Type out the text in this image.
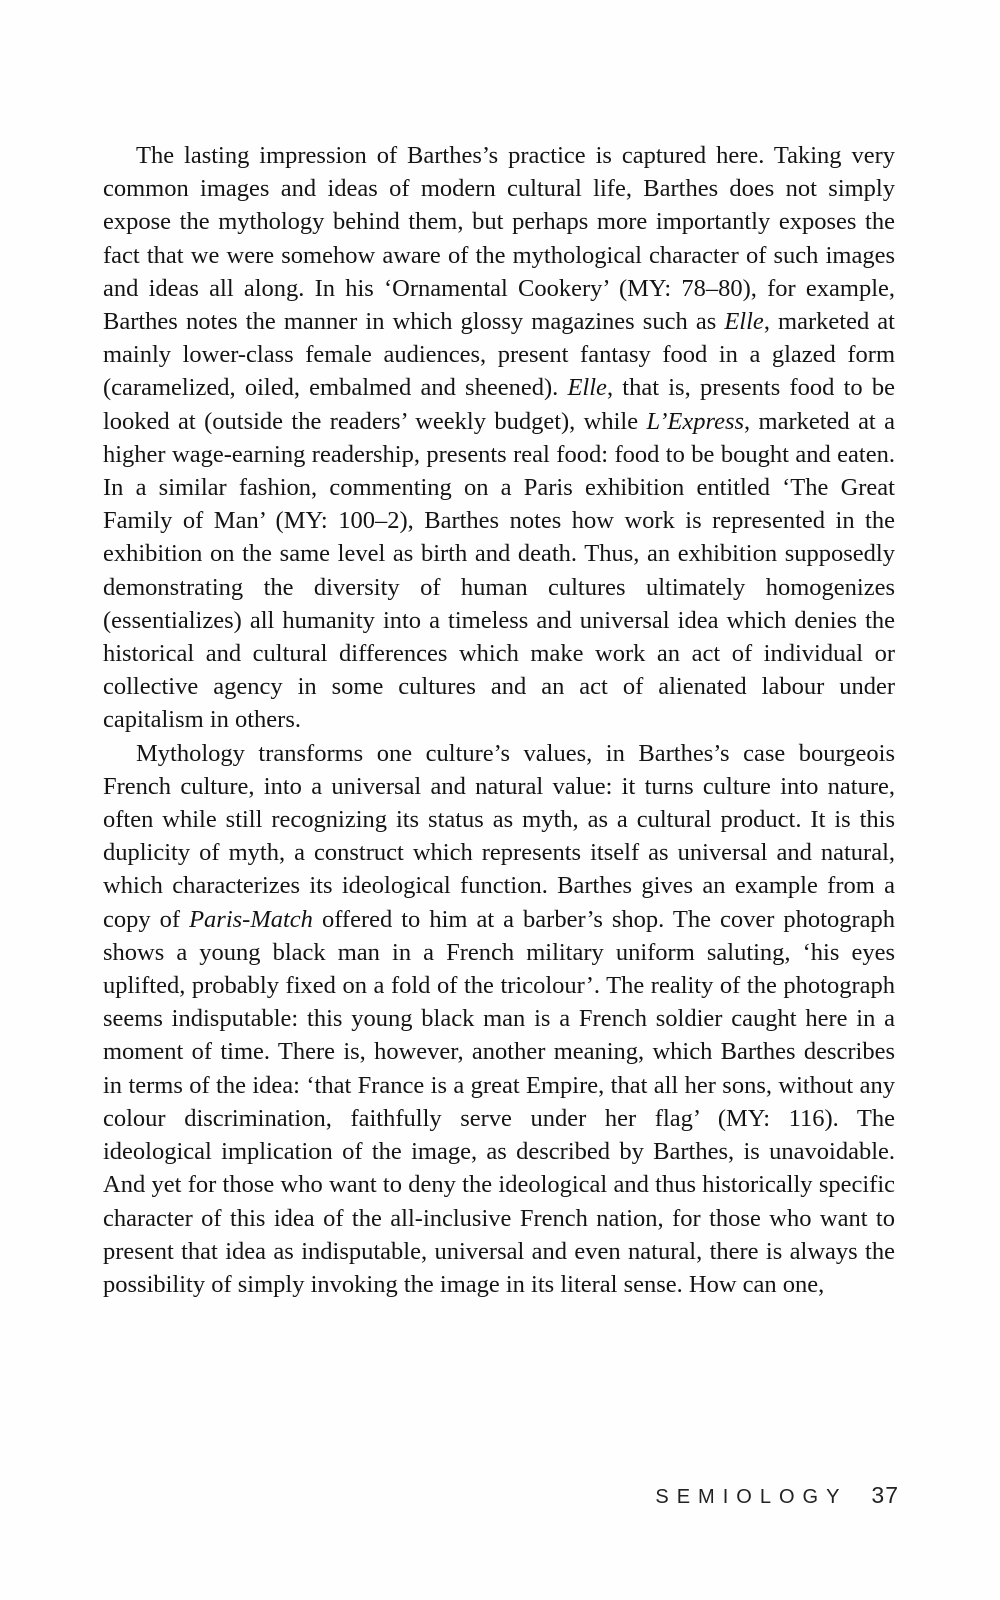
The lasting impression of Barthes’s practice is captured here. Taking very common images and ideas of modern cultural life, Barthes does not simply expose the mythology behind them, but perhaps more importantly exposes the fact that we were somehow aware of the mythological character of such images and ideas all along. In his ‘Ornamental Cookery’ (MY: 78–80), for example, Barthes notes the manner in which glossy magazines such as Elle, marketed at mainly lower-class female audiences, present fantasy food in a glazed form (caramelized, oiled, embalmed and sheened). Elle, that is, presents food to be looked at (outside the readers’ weekly budget), while L’Express, marketed at a higher wage-earning readership, presents real food: food to be bought and eaten. In a similar fashion, commenting on a Paris exhibition entitled ‘The Great Family of Man’ (MY: 100–2), Barthes notes how work is represented in the exhibition on the same level as birth and death. Thus, an exhibition supposedly demonstrating the diversity of human cultures ultimately homogenizes (essentializes) all humanity into a timeless and universal idea which denies the historical and cultural differences which make work an act of individual or collective agency in some cultures and an act of alienated labour under capitalism in others.

Mythology transforms one culture’s values, in Barthes’s case bourgeois French culture, into a universal and natural value: it turns culture into nature, often while still recognizing its status as myth, as a cultural product. It is this duplicity of myth, a construct which represents itself as universal and natural, which characterizes its ideological function. Barthes gives an example from a copy of Paris-Match offered to him at a barber’s shop. The cover photograph shows a young black man in a French military uniform saluting, ‘his eyes uplifted, probably fixed on a fold of the tricolour’. The reality of the photograph seems indisputable: this young black man is a French soldier caught here in a moment of time. There is, however, another meaning, which Barthes describes in terms of the idea: ‘that France is a great Empire, that all her sons, without any colour discrimination, faithfully serve under her flag’ (MY: 116). The ideological implication of the image, as described by Barthes, is unavoidable. And yet for those who want to deny the ideological and thus historically specific character of this idea of the all-inclusive French nation, for those who want to present that idea as indisputable, universal and even natural, there is always the possibility of simply invoking the image in its literal sense. How can one,

SEMIOLOGY 37
